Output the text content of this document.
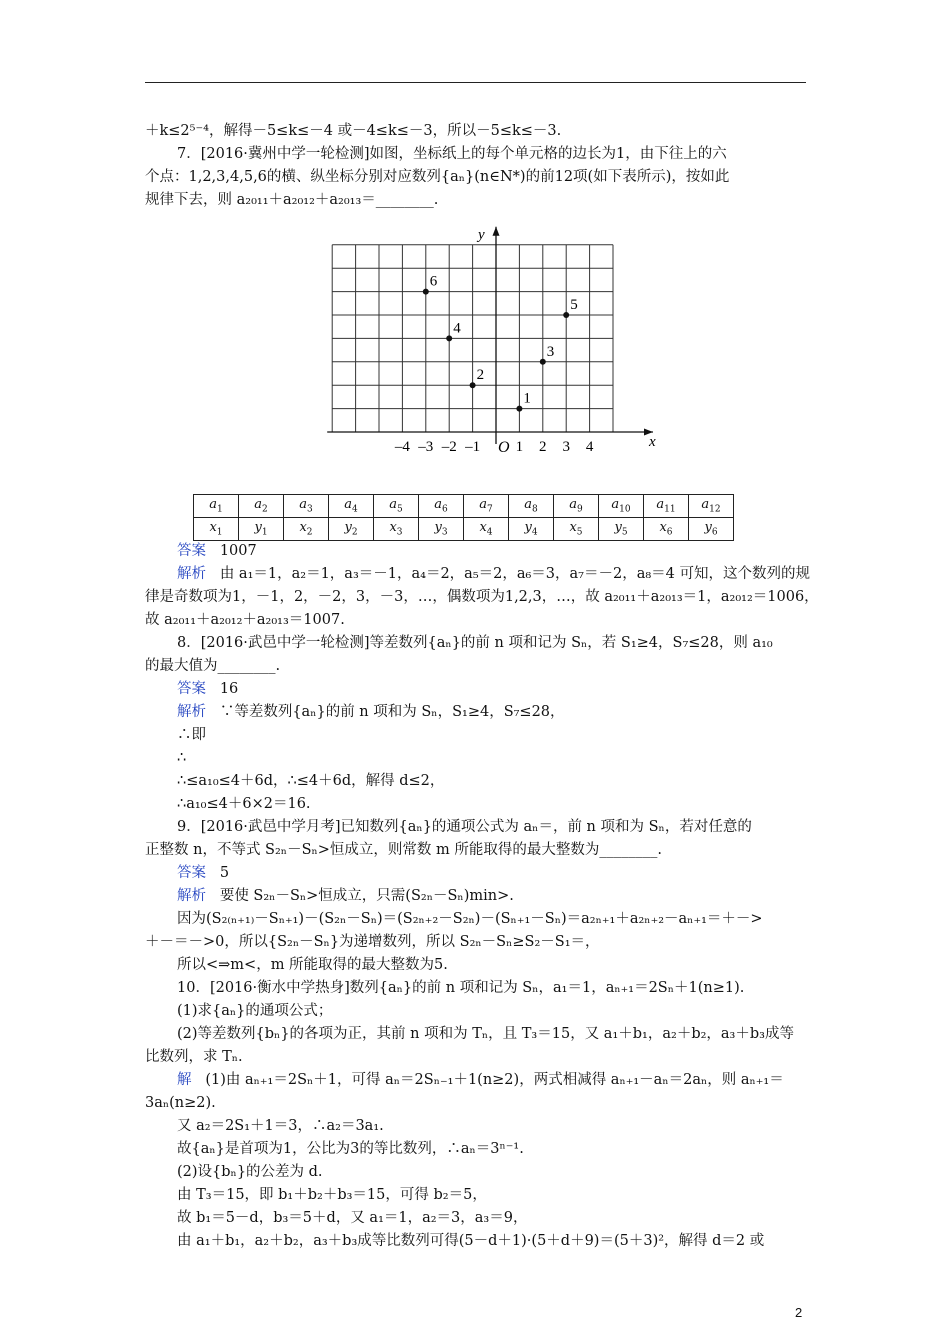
＋k≤2⁵⁻⁴，解得－5≤k≤－4 或－4≤k≤－3，所以－5≤k≤－3.
7．[2016·冀州中学一轮检测]如图，坐标纸上的每个单元格的边长为1，由下往上的六
个点：1,2,3,4,5,6的横、纵坐标分别对应数列{aₙ}(n∈N*)的前12项(如下表所示)，按如此
规律下去，则 a₂₀₁₁＋a₂₀₁₂＋a₂₀₁₃＝________.
1
2
3
4
5
6
x
y
O
–4 –3 –2 –1 1 2 3 4
$a_1$	$a_2$	$a_3$	$a_4$	$a_5$	$a_6$	$a_7$	$a_8$	$a_9$	$a_{10}$	$a_{11}$	$a_{12}$
$x_1$	$y_1$	$x_2$	$y_2$	$x_3$	$y_3$	$x_4$	$y_4$	$x_5$	$y_5$	$x_6$	$y_6$
答案 1007
解析 由 a₁＝1，a₂＝1，a₃＝－1，a₄＝2，a₅＝2，a₆＝3，a₇＝－2，a₈＝4 可知，这个数列的规
律是奇数项为1，－1，2，－2，3，－3，…，偶数项为1,2,3，…，故 a₂₀₁₁＋a₂₀₁₃＝1，a₂₀₁₂＝1006，
故 a₂₀₁₁＋a₂₀₁₂＋a₂₀₁₃＝1007.
8．[2016·武邑中学一轮检测]等差数列{aₙ}的前 n 项和记为 Sₙ，若 S₁≥4，S₇≤28，则 a₁₀
的最大值为________.
答案 16
解析 ∵等差数列{aₙ}的前 n 项和为 Sₙ，S₁≥4，S₇≤28，
∴即
∴
∴≤a₁₀≤4＋6d，∴≤4＋6d，解得 d≤2，
∴a₁₀≤4＋6×2＝16.
9．[2016·武邑中学月考]已知数列{aₙ}的通项公式为 aₙ＝，前 n 项和为 Sₙ，若对任意的
正整数 n，不等式 S₂ₙ－Sₙ>恒成立，则常数 m 所能取得的最大整数为________.
答案 5
解析 要使 S₂ₙ－Sₙ>恒成立，只需(S₂ₙ－Sₙ)min>.
因为(S₂₍ₙ₊₁₎－Sₙ₊₁)－(S₂ₙ－Sₙ)＝(S₂ₙ₊₂－S₂ₙ)－(Sₙ₊₁－Sₙ)＝a₂ₙ₊₁＋a₂ₙ₊₂－aₙ₊₁＝＋－>
＋－＝－>0，所以{S₂ₙ－Sₙ}为递增数列，所以 S₂ₙ－Sₙ≥S₂－S₁＝，
所以<⇒m<，m 所能取得的最大整数为5.
10．[2016·衡水中学热身]数列{aₙ}的前 n 项和记为 Sₙ，a₁＝1，aₙ₊₁＝2Sₙ＋1(n≥1).
(1)求{aₙ}的通项公式；
(2)等差数列{bₙ}的各项为正，其前 n 项和为 Tₙ，且 T₃＝15，又 a₁＋b₁，a₂＋b₂，a₃＋b₃成等
比数列，求 Tₙ.
解 (1)由 aₙ₊₁＝2Sₙ＋1，可得 aₙ＝2Sₙ₋₁＋1(n≥2)，两式相减得 aₙ₊₁－aₙ＝2aₙ，则 aₙ₊₁＝
3aₙ(n≥2).
又 a₂＝2S₁＋1＝3，∴a₂＝3a₁.
故{aₙ}是首项为1，公比为3的等比数列，∴aₙ＝3ⁿ⁻¹.
(2)设{bₙ}的公差为 d.
由 T₃＝15，即 b₁＋b₂＋b₃＝15，可得 b₂＝5，
故 b₁＝5－d，b₃＝5＋d，又 a₁＝1，a₂＝3，a₃＝9，
由 a₁＋b₁，a₂＋b₂，a₃＋b₃成等比数列可得(5－d＋1)·(5＋d＋9)＝(5＋3)²，解得 d＝2 或
2
